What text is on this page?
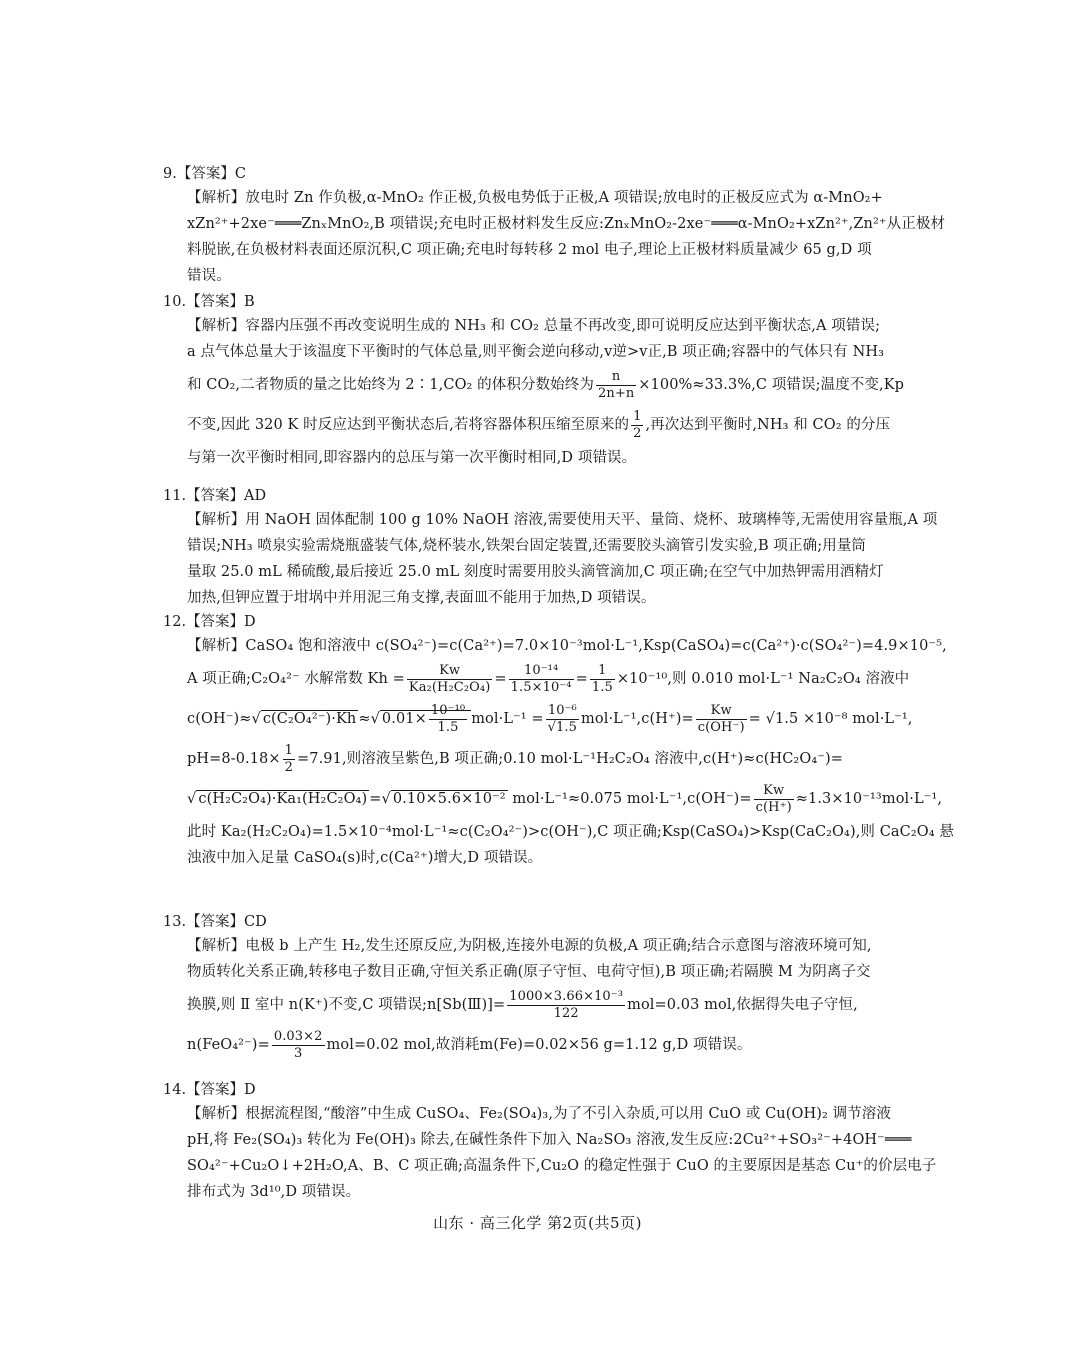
9.【答案】C
【解析】放电时 Zn 作负极,α-MnO₂ 作正极,负极电势低于正极,A 项错误;放电时的正极反应式为 α-MnO₂+
xZn²⁺+2xe⁻═══ZnₓMnO₂,B 项错误;充电时正极材料发生反应:ZnₓMnO₂-2xe⁻═══α-MnO₂+xZn²⁺,Zn²⁺从正极材
料脱嵌,在负极材料表面还原沉积,C 项正确;充电时每转移 2 mol 电子,理论上正极材料质量减少 65 g,D 项
错误。
10.【答案】B
【解析】容器内压强不再改变说明生成的 NH₃ 和 CO₂ 总量不再改变,即可说明反应达到平衡状态,A 项错误;
a 点气体总量大于该温度下平衡时的气体总量,则平衡会逆向移动,v逆>v正,B 项正确;容器中的气体只有 NH₃
和 CO₂,二者物质的量之比始终为 2∶1,CO₂ 的体积分数始终为 $\frac{n}{2n+n} \times 100\%\approx 33.3\%,C$ 项错误;温度不变,Kp
不变,因此 320 K 时反应达到平衡状态后,若将容器体积压缩至原来的 $\frac{1}{2}$ ,再次达到平衡时,NH₃ 和 CO₂ 的分压
与第一次平衡时相同,即容器内的总压与第一次平衡时相同,D 项错误。
11.【答案】AD
【解析】用 NaOH 固体配制 100 g 10% NaOH 溶液,需要使用天平、量筒、烧杯、玻璃棒等,无需使用容量瓶,A 项
错误;NH₃ 喷泉实验需烧瓶盛装气体,烧杯装水,铁架台固定装置,还需要胶头滴管引发实验,B 项正确;用量筒
量取 25.0 mL 稀硫酸,最后接近 25.0 mL 刻度时需要用胶头滴管滴加,C 项正确;在空气中加热钾需用酒精灯
加热,但钾应置于坩埚中并用泥三角支撑,表面皿不能用于加热,D 项错误。
12.【答案】D
【解析】CaSO₄ 饱和溶液中 c(SO₄²⁻)=c(Ca²⁺)=7.0×10⁻³mol·L⁻¹,Ksp(CaSO₄)=c(Ca²⁺)·c(SO₄²⁻)=4.9×10⁻⁵,
A 项正确;C₂O₄²⁻ 水解常数 $Kh = \frac{Kw}{\text{Ka₂(H₂C₂O₄)}} = \frac{\text{10⁻¹⁴}}{\text{1.5×10⁻⁴}} = \frac{1}{1.5} \times 10^{-10}$,则 0.010 mol·L⁻¹ Na₂C₂O₄ 溶液中
c(OH⁻)≈√ c(C₂O₄²⁻)·Kh ≈√ $0.01\times \frac{\text{10⁻¹⁰}}{1.5} mol\cdot L^{-1} = \frac{\text{10⁻⁶}}{√1.5} mol\cdot L^{-1},c(H^+)= \frac{Kw}{c(OH^-)} = √1.5 \times 10^{-8}$ mol·L⁻¹,
$pH=8-0.18\times \frac{1}{2} =7.91$,则溶液呈紫色,B 项正确;0.10 mol·L⁻¹H₂C₂O₄ 溶液中,c(H⁺)≈c(HC₂O₄⁻)=
√ c(H₂C₂O₄)·Ka₁(H₂C₂O₄) =√ 0.10×5.6×10⁻² mol·L⁻¹≈0.075 $mol\cdot L^{-1},c(OH^-)= \frac{Kw}{c(H^+)} \approx 1.3\times 10^{-13}mol\cdot L^{-1}$,
此时 Ka₂(H₂C₂O₄)=1.5×10⁻⁴mol·L⁻¹≈c(C₂O₄²⁻)>c(OH⁻),C 项正确;Ksp(CaSO₄)>Ksp(CaC₂O₄),则 CaC₂O₄ 悬
浊液中加入足量 CaSO₄(s)时,c(Ca²⁺)增大,D 项错误。
13.【答案】CD
【解析】电极 b 上产生 H₂,发生还原反应,为阴极,连接外电源的负极,A 项正确;结合示意图与溶液环境可知,
物质转化关系正确,转移电子数目正确,守恒关系正确(原子守恒、电荷守恒),B 项正确;若隔膜 M 为阴离子交
换膜,则 Ⅱ 室中 n(K⁺)不变,C 项错误;n[Sb(Ⅲ)]= $\frac{\text{1000×3.66×10⁻³}}{122} mol=0.03$ mol,依据得失电子守恒,
$n(FeO_4^{2-})= \frac{0.03\times 2}{3} mol=0.02$ mol,故消耗m(Fe)=0.02×56 g=1.12 g,D 项错误。
14.【答案】D
【解析】根据流程图,“酸溶”中生成 CuSO₄、Fe₂(SO₄)₃,为了不引入杂质,可以用 CuO 或 Cu(OH)₂ 调节溶液
pH,将 Fe₂(SO₄)₃ 转化为 Fe(OH)₃ 除去,在碱性条件下加入 Na₂SO₃ 溶液,发生反应:2Cu²⁺+SO₃²⁻+4OH⁻═══
SO₄²⁻+Cu₂O↓+2H₂O,A、B、C 项正确;高温条件下,Cu₂O 的稳定性强于 CuO 的主要原因是基态 Cu⁺的价层电子
排布式为 3d¹⁰,D 项错误。
山东 · 高三化学 第2页(共5页)
